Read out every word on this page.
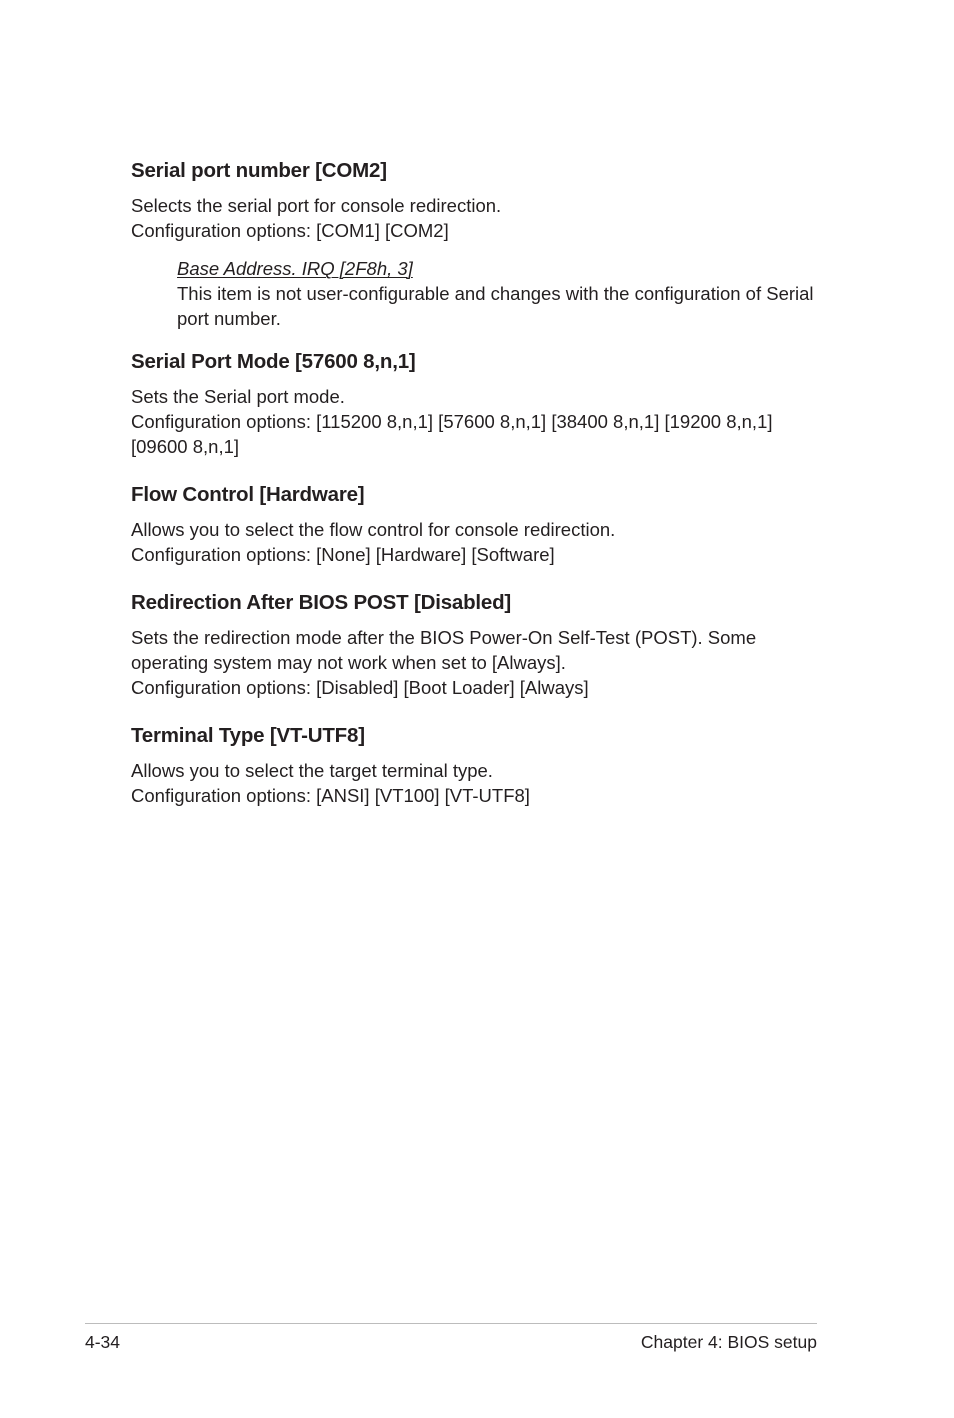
Serial port number [COM2]
Selects the serial port for console redirection.
Configuration options: [COM1] [COM2]
Base Address. IRQ [2F8h, 3]
This item is not user-configurable and changes with the configuration of Serial
port number.
Serial Port Mode [57600 8,n,1]
Sets the Serial port mode.
Configuration options: [115200 8,n,1] [57600 8,n,1] [38400 8,n,1] [19200 8,n,1]
[09600 8,n,1]
Flow Control [Hardware]
Allows you to select the flow control for console redirection.
Configuration options: [None] [Hardware] [Software]
Redirection After BIOS POST [Disabled]
Sets the redirection mode after the BIOS Power-On Self-Test (POST). Some
operating system may not work when set to [Always].
Configuration options: [Disabled] [Boot Loader] [Always]
Terminal Type [VT-UTF8]
Allows you to select the target terminal type.
Configuration options: [ANSI] [VT100] [VT-UTF8]
4-34	Chapter 4: BIOS setup
